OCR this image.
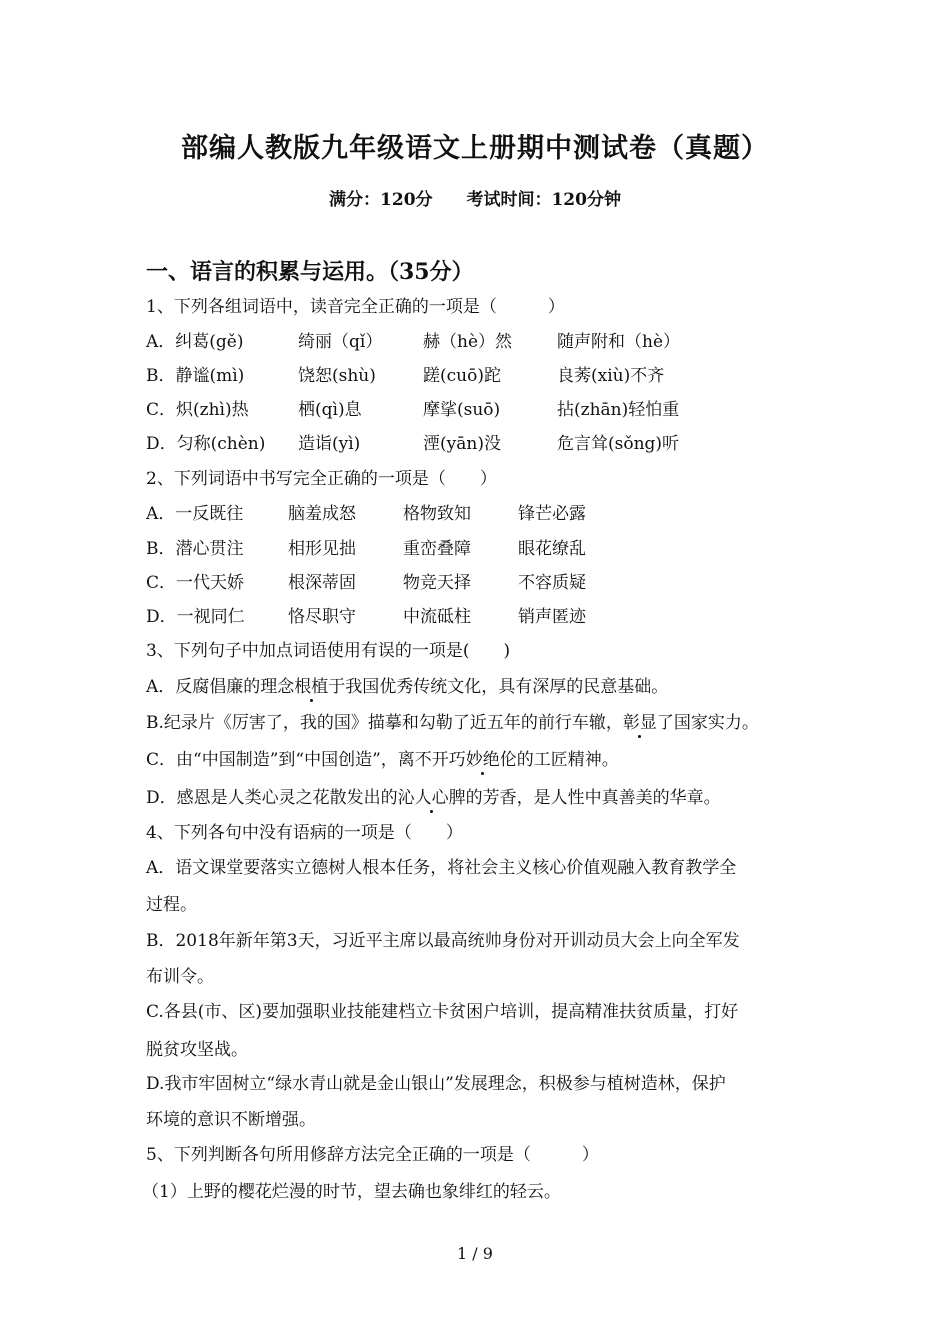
部编人教版九年级语文上册期中测试卷（真题）
满分：120分 考试时间：120分钟
一、语言的积累与运用。（35分）
1、下列各组词语中，读音完全正确的一项是（　　　）
A．纠葛(gě)	绮丽（qǐ） 赫（hè）然	随声附和（hè）
B．静谧(mì)	饶恕(shù)	蹉(cuō)跎	良莠(xiù)不齐
C．炽(zhì)热	栖(qì)息	摩挲(suō)	拈(zhān)轻怕重
D．匀称(chèn) 造诣(yì)	湮(yān)没	危言耸(sǒng)听
2、下列词语中书写完全正确的一项是（　　）
A．一反既往	脑羞成怒	格物致知	锋芒必露
B．潜心贯注	相形见拙	重峦叠障	眼花缭乱
C．一代天娇	根深蒂固	物竞天择	不容质疑
D．一视同仁	恪尽职守	中流砥柱	销声匿迹
3、下列句子中加点词语使用有误的一项是(　　)
A．反腐倡廉的理念根植于我国优秀传统文化，具有深厚的民意基础。
B.纪录片《厉害了，我的国》描摹和勾勒了近五年的前行车辙，彰显了国家实力。
C．由“中国制造”到“中国创造”，离不开巧妙绝伦的工匠精神。
D．感恩是人类心灵之花散发出的沁人心脾的芳香，是人性中真善美的华章。
4、下列各句中没有语病的一项是（　　）
A．语文课堂要落实立德树人根本任务，将社会主义核心价值观融入教育教学全
过程。
B．2018年新年第3天，习近平主席以最高统帅身份对开训动员大会上向全军发
布训令。
C.各县(市、区)要加强职业技能建档立卡贫困户培训，提高精准扶贫质量，打好
脱贫攻坚战。
D.我市牢固树立“绿水青山就是金山银山”发展理念，积极参与植树造林，保护
环境的意识不断增强。
5、下列判断各句所用修辞方法完全正确的一项是（　　　）
（1）上野的樱花烂漫的时节，望去确也象绯红的轻云。
1 / 9
